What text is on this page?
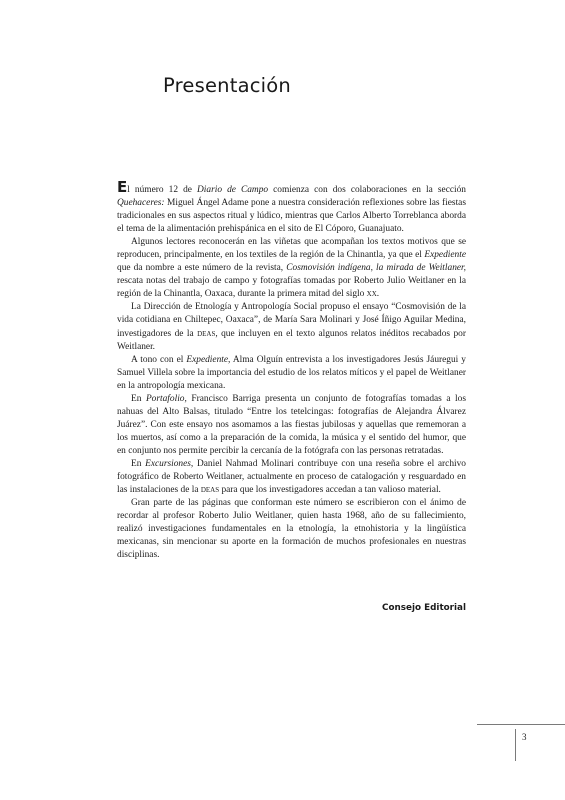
Presentación

El número 12 de Diario de Campo comienza con dos colaboraciones en la sección Quehaceres: Miguel Ángel Adame pone a nuestra consideración reflexiones sobre las fiestas tradicionales en sus aspectos ritual y lúdico, mientras que Carlos Alberto Torreblanca aborda el tema de la alimentación prehispánica en el sito de El Cóporo, Guanajuato.

Algunos lectores reconocerán en las viñetas que acompañan los textos motivos que se reproducen, principalmente, en los textiles de la región de la Chinantla, ya que el Expediente que da nombre a este número de la revista, Cosmovisión indígena, la mirada de Weitlaner, rescata notas del trabajo de campo y fotografías tomadas por Roberto Julio Weitlaner en la región de la Chinantla, Oaxaca, durante la primera mitad del siglo xx.

La Dirección de Etnología y Antropología Social propuso el ensayo “Cosmovisión de la vida cotidiana en Chiltepec, Oaxaca”, de María Sara Molinari y José Íñigo Aguilar Medina, investigadores de la deas, que incluyen en el texto algunos relatos inéditos recabados por Weitlaner.

A tono con el Expediente, Alma Olguín entrevista a los investigadores Jesús Jáuregui y Samuel Villela sobre la importancia del estudio de los relatos míticos y el papel de Weitlaner en la antropología mexicana.

En Portafolio, Francisco Barriga presenta un conjunto de fotografías tomadas a los nahuas del Alto Balsas, titulado “Entre los tetelcingas: fotografías de Alejandra Álvarez Juárez”. Con este ensayo nos asomamos a las fiestas jubilosas y aquellas que rememoran a los muertos, así como a la preparación de la comida, la música y el sentido del humor, que en conjunto nos permite percibir la cercanía de la fotógrafa con las personas retratadas.

En Excursiones, Daniel Nahmad Molinari contribuye con una reseña sobre el archivo fotográfico de Roberto Weitlaner, actualmente en proceso de catalogación y resguardado en las instalaciones de la deas para que los investigadores accedan a tan valioso material.

Gran parte de las páginas que conforman este número se escribieron con el ánimo de recordar al profesor Roberto Julio Weitlaner, quien hasta 1968, año de su fallecimiento, realizó investigaciones fundamentales en la etnología, la etnohistoria y la lingüística mexicanas, sin mencionar su aporte en la formación de muchos profesionales en nuestras disciplinas.

Consejo Editorial
3
